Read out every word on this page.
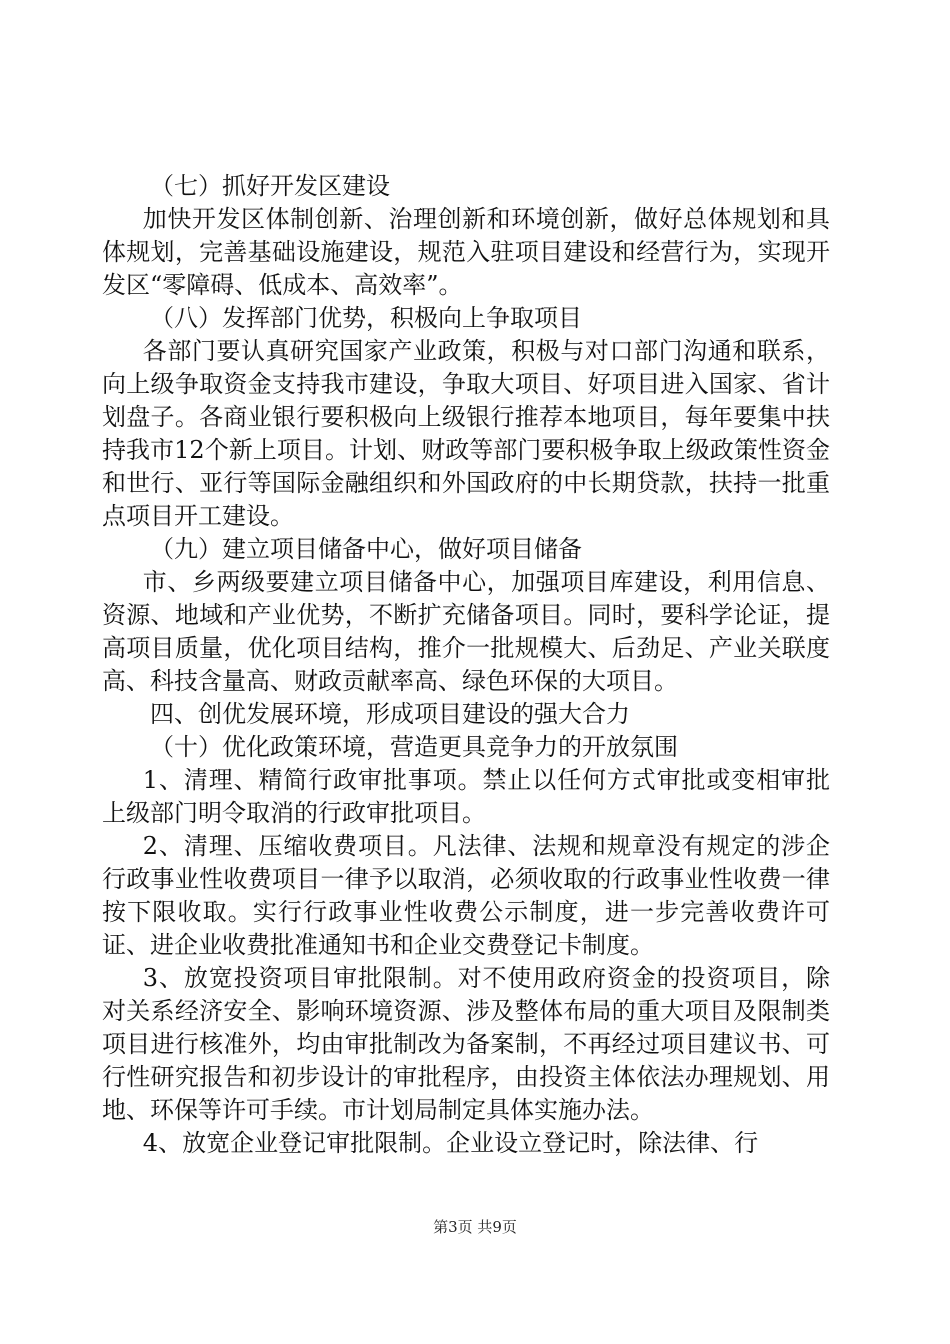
（七）抓好开发区建设

加快开发区体制创新、治理创新和环境创新，做好总体规划和具体规划，完善基础设施建设，规范入驻项目建设和经营行为，实现开发区“零障碍、低成本、高效率”。

（八）发挥部门优势，积极向上争取项目

各部门要认真研究国家产业政策，积极与对口部门沟通和联系，向上级争取资金支持我市建设，争取大项目、好项目进入国家、省计划盘子。各商业银行要积极向上级银行推荐本地项目，每年要集中扶持我市12个新上项目。计划、财政等部门要积极争取上级政策性资金和世行、亚行等国际金融组织和外国政府的中长期贷款，扶持一批重点项目开工建设。

（九）建立项目储备中心，做好项目储备

市、乡两级要建立项目储备中心，加强项目库建设，利用信息、资源、地域和产业优势，不断扩充储备项目。同时，要科学论证，提高项目质量，优化项目结构，推介一批规模大、后劲足、产业关联度高、科技含量高、财政贡献率高、绿色环保的大项目。

四、创优发展环境，形成项目建设的强大合力

（十）优化政策环境，营造更具竞争力的开放氛围

1、清理、精简行政审批事项。禁止以任何方式审批或变相审批上级部门明令取消的行政审批项目。

2、清理、压缩收费项目。凡法律、法规和规章没有规定的涉企行政事业性收费项目一律予以取消，必须收取的行政事业性收费一律按下限收取。实行行政事业性收费公示制度，进一步完善收费许可证、进企业收费批准通知书和企业交费登记卡制度。

3、放宽投资项目审批限制。对不使用政府资金的投资项目，除对关系经济安全、影响环境资源、涉及整体布局的重大项目及限制类项目进行核准外，均由审批制改为备案制，不再经过项目建议书、可行性研究报告和初步设计的审批程序，由投资主体依法办理规划、用地、环保等许可手续。市计划局制定具体实施办法。

4、放宽企业登记审批限制。企业设立登记时，除法律、行

第3页 共9页
